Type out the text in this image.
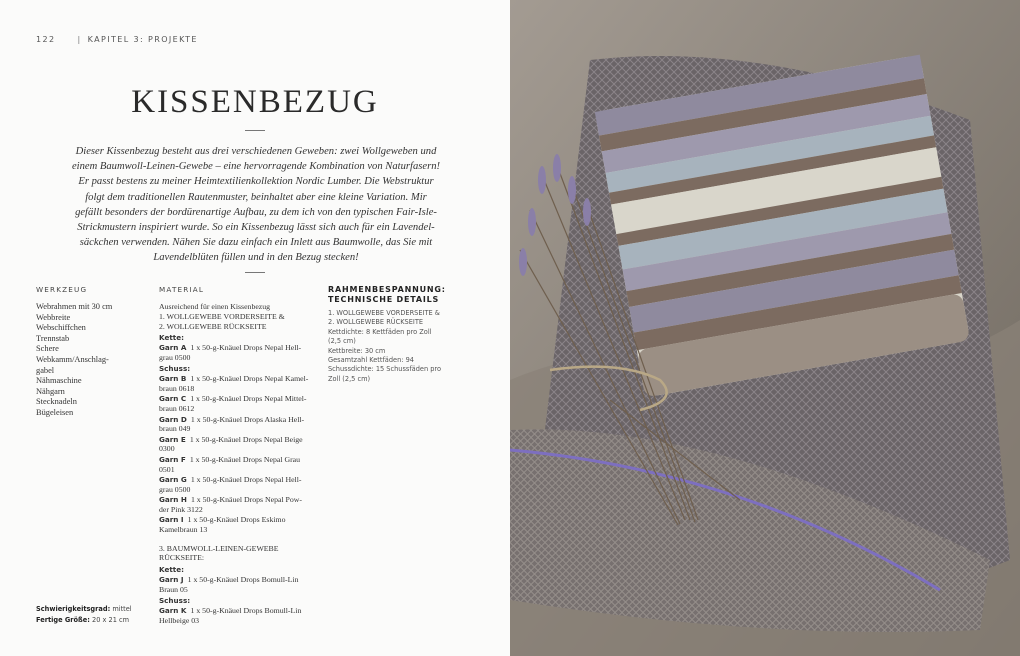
122	| KAPITEL 3: PROJEKTE
KISSENBEZUG
Dieser Kissenbezug besteht aus drei verschiedenen Geweben: zwei Wollgeweben und
einem Baumwoll-Leinen-Gewebe – eine hervorragende Kombination von Naturfasern!
Er passt bestens zu meiner Heimtextilienkollektion Nordic Lumber. Die Webstruktur
folgt dem traditionellen Rautenmuster, beinhaltet aber eine kleine Variation. Mir
gefällt besonders der bordürenartige Aufbau, zu dem ich von den typischen Fair-Isle-
Strickmustern inspiriert wurde. So ein Kissenbezug lässt sich auch für ein Lavendel-
säckchen verwenden. Nähen Sie dazu einfach ein Inlett aus Baumwolle, das Sie mit
Lavendelblüten füllen und in den Bezug stecken!
WERKZEUG
Webrahmen mit 30 cm
Webbreite
Webschiffchen
Trennstab
Schere
Webkamm/Anschlag-
gabel
Nähmaschine
Nähgarn
Stecknadeln
Bügeleisen
MATERIAL

Ausreichend für einen Kissenbezug

1. WOLLGEWEBE VORDERSEITE &

2. WOLLGEWEBE RÜCKSEITE

Kette:

Garn A 1 x 50-g-Knäuel Drops Nepal Hell-
grau 0500

Schuss:

Garn B 1 x 50-g-Knäuel Drops Nepal Kamel-
braun 0618
Garn C 1 x 50-g-Knäuel Drops Nepal Mittel-
braun 0612
Garn D 1 x 50-g-Knäuel Drops Alaska Hell-
braun 049
Garn E 1 x 50-g-Knäuel Drops Nepal Beige
0300
Garn F 1 x 50-g-Knäuel Drops Nepal Grau
0501
Garn G 1 x 50-g-Knäuel Drops Nepal Hell-
grau 0500
Garn H 1 x 50-g-Knäuel Drops Nepal Pow-
der Pink 3122
Garn I 1 x 50-g-Knäuel Drops Eskimo
Kamelbraun 13

3. BAUMWOLL-LEINEN-GEWEBE

RÜCKSEITE:

Kette:

Garn J 1 x 50-g-Knäuel Drops Bomull-Lin
Braun 05

Schuss:

Garn K 1 x 50-g-Knäuel Drops Bomull-Lin
Hellbeige 03
RAHMENBESPANNUNG:
TECHNISCHE DETAILS

1. WOLLGEWEBE VORDERSEITE &

2. WOLLGEWEBE RÜCKSEITE

Kettdichte: 8 Kettfäden pro Zoll

(2,5 cm)

Kettbreite: 30 cm

Gesamtzahl Kettfäden: 94

Schussdichte: 15 Schussfäden pro

Zoll (2,5 cm)

Schwierigkeitsgrad: mittel
Fertige Größe: 20 x 21 cm
